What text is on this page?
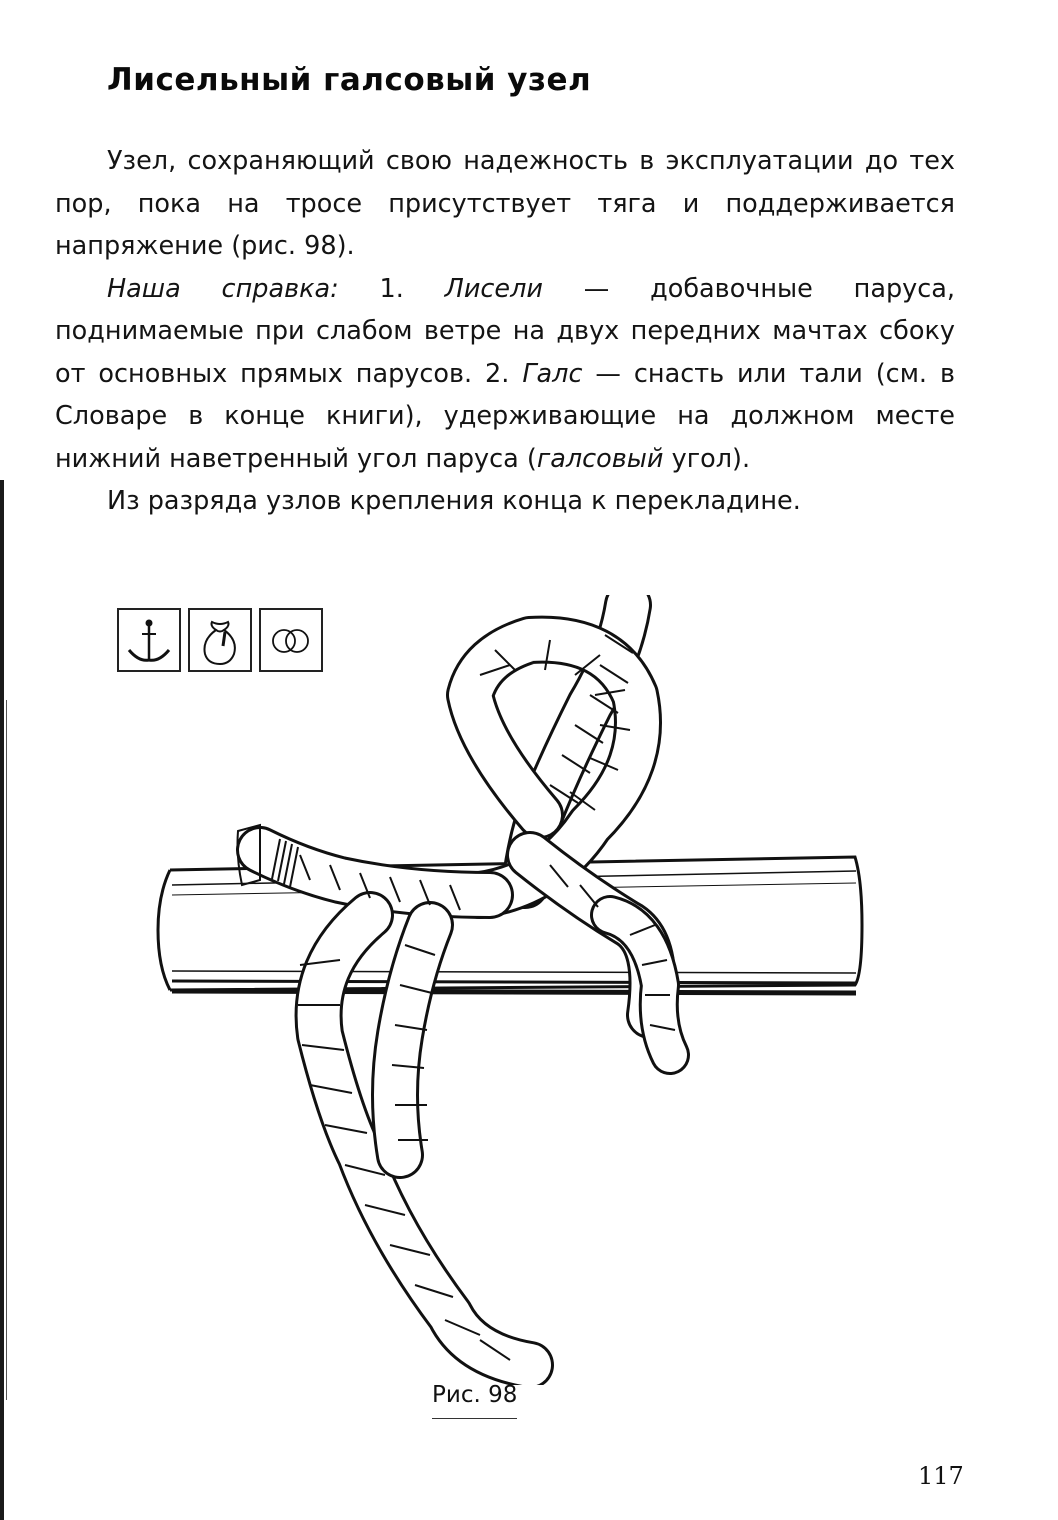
Лисельный галсовый узел

Узел, сохраняющий свою надежность в эксплуатации до тех пор, пока на тросе присутствует тяга и поддерживается напряжение (рис. 98).

Наша справка: 1. Лисели — добавочные паруса, поднимаемые при слабом ветре на двух передних мачтах сбоку от основных прямых парусов. 2. Галс — снасть или тали (см. в Словаре в конце книги), удерживающие на должном месте нижний наветренный угол паруса (галсовый угол).

Из разряда узлов крепления конца к перекладине.

Рис. 98
117
